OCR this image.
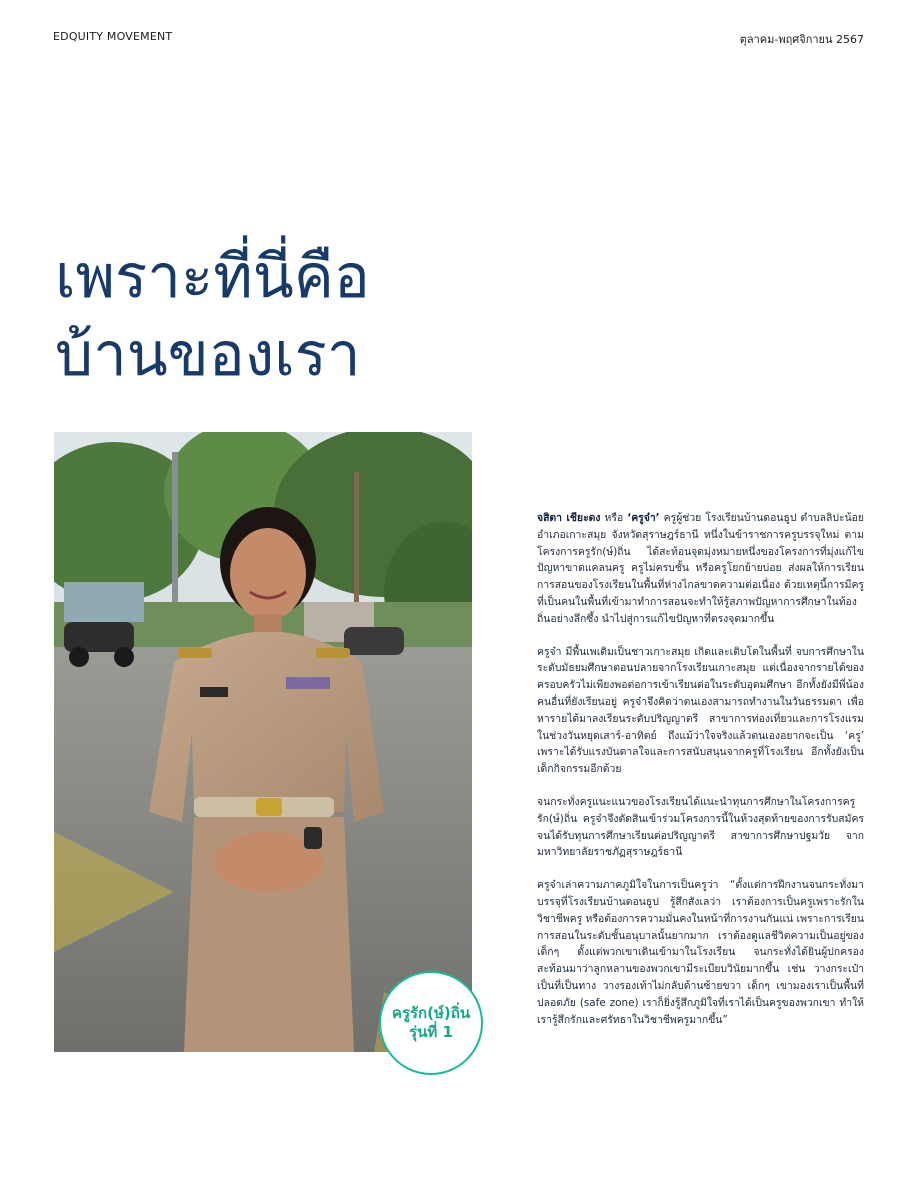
EDQUITY MOVEMENT	ตุลาคม-พฤศจิกายน 2567
เพราะที่นี่คือ
บ้านของเรา
ครูรัก(ษ์)ถิ่น
รุ่นที่ 1

จสิตา เชียะดง หรือ ‘ครูจ๋า’ ครูผู้ช่วย โรงเรียนบ้านดอนธูป ตำบลลิปะน้อย อำเภอเกาะสมุย จังหวัดสุราษฎร์ธานี หนึ่งในข้าราชการครูบรรจุใหม่ ตามโครงการครูรัก(ษ์)ถิ่น ได้สะท้อนจุดมุ่งหมายหนึ่งของโครงการที่มุ่งแก้ไขปัญหาขาดแคลนครู ครูไม่ครบชั้น หรือครูโยกย้ายบ่อย ส่งผลให้การเรียนการสอนของโรงเรียนในพื้นที่ห่างไกลขาดความต่อเนื่อง ด้วยเหตุนี้การมีครูที่เป็นคนในพื้นที่เข้ามาทำการสอนจะทำให้รู้สภาพปัญหาการศึกษาในท้องถิ่นอย่างลึกซึ้ง นำไปสู่การแก้ไขปัญหาที่ตรงจุดมากขึ้น

ครูจ๋า มีพื้นเพเดิมเป็นชาวเกาะสมุย เกิดและเติบโตในพื้นที่ จบการศึกษาในระดับมัธยมศึกษาตอนปลายจากโรงเรียนเกาะสมุย แต่เนื่องจากรายได้ของครอบครัวไม่เพียงพอต่อการเข้าเรียนต่อในระดับอุดมศึกษา อีกทั้งยังมีพี่น้องคนอื่นที่ยังเรียนอยู่ ครูจ๋าจึงคิดว่าตนเองสามารถทำงานในวันธรรมดา เพื่อหารายได้มาลงเรียนระดับปริญญาตรี สาขาการท่องเที่ยวและการโรงแรม ในช่วงวันหยุดเสาร์-อาทิตย์ ถึงแม้ว่าใจจริงแล้วตนเองอยากจะเป็น ‘ครู’ เพราะได้รับแรงบันดาลใจและการสนับสนุนจากครูที่โรงเรียน อีกทั้งยังเป็นเด็กกิจกรรมอีกด้วย

จนกระทั่งครูแนะแนวของโรงเรียนได้แนะนำทุนการศึกษาในโครงการครูรัก(ษ์)ถิ่น ครูจ๋าจึงตัดสินเข้าร่วมโครงการนี้ในห้วงสุดท้ายของการรับสมัคร จนได้รับทุนการศึกษาเรียนต่อปริญญาตรี สาขาการศึกษาปฐมวัย จากมหาวิทยาลัยราชภัฏสุราษฎร์ธานี

ครูจ๋าเล่าความภาคภูมิใจในการเป็นครูว่า “ตั้งแต่การฝึกงานจนกระทั่งมาบรรจุที่โรงเรียนบ้านดอนธูป รู้สึกสังเลว่า เราต้องการเป็นครูเพราะรักในวิชาชีพครู หรือต้องการความมั่นคงในหน้าที่การงานกันแน่ เพราะการเรียนการสอนในระดับชั้นอนุบาลนั้นยากมาก เราต้องดูแลชีวิตความเป็นอยู่ของเด็กๆ ตั้งแต่พวกเขาเดินเข้ามาในโรงเรียน จนกระทั่งได้ยินผู้ปกครองสะท้อนมาว่าลูกหลานของพวกเขามีระเบียบวินัยมากขึ้น เช่น วางกระเป๋าเป็นที่เป็นทาง วางรองเท้าไม่กลับด้านซ้ายขวา เด็กๆ เขามองเราเป็นพื้นที่ปลอดภัย (safe zone) เราก็ยิ่งรู้สึกภูมิใจที่เราได้เป็นครูของพวกเขา ทำให้เรารู้สึกรักและศรัทธาในวิชาชีพครูมากขึ้น”
